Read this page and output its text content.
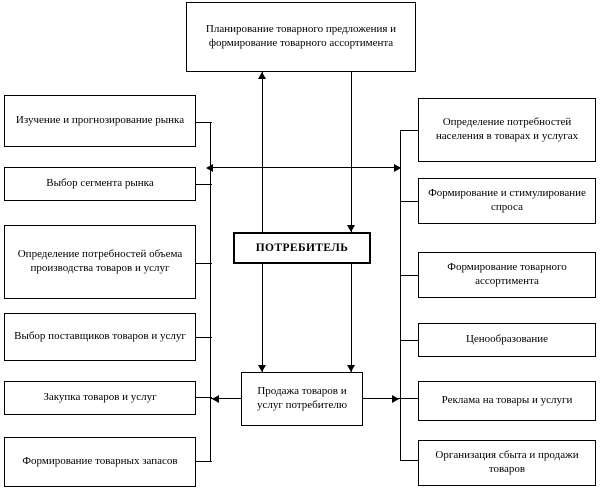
Планирование товарного предложения и формирование товарного ассортимента
ПОТРЕБИТЕЛЬ
Продажа товаров и услуг потребителю
Изучение и прогнозирование рынка
Выбор сегмента рынка
Определение потребностей объема производства товаров и услуг
Выбор поставщиков товаров и услуг
Закупка товаров и услуг
Формирование товарных запасов
Определение потребностей населения в товарах и услугах
Формирование и стимулирование спроса
Формирование товарного ассортимента
Ценообразование
Реклама на товары и услуги
Организация сбыта и продажи товаров
